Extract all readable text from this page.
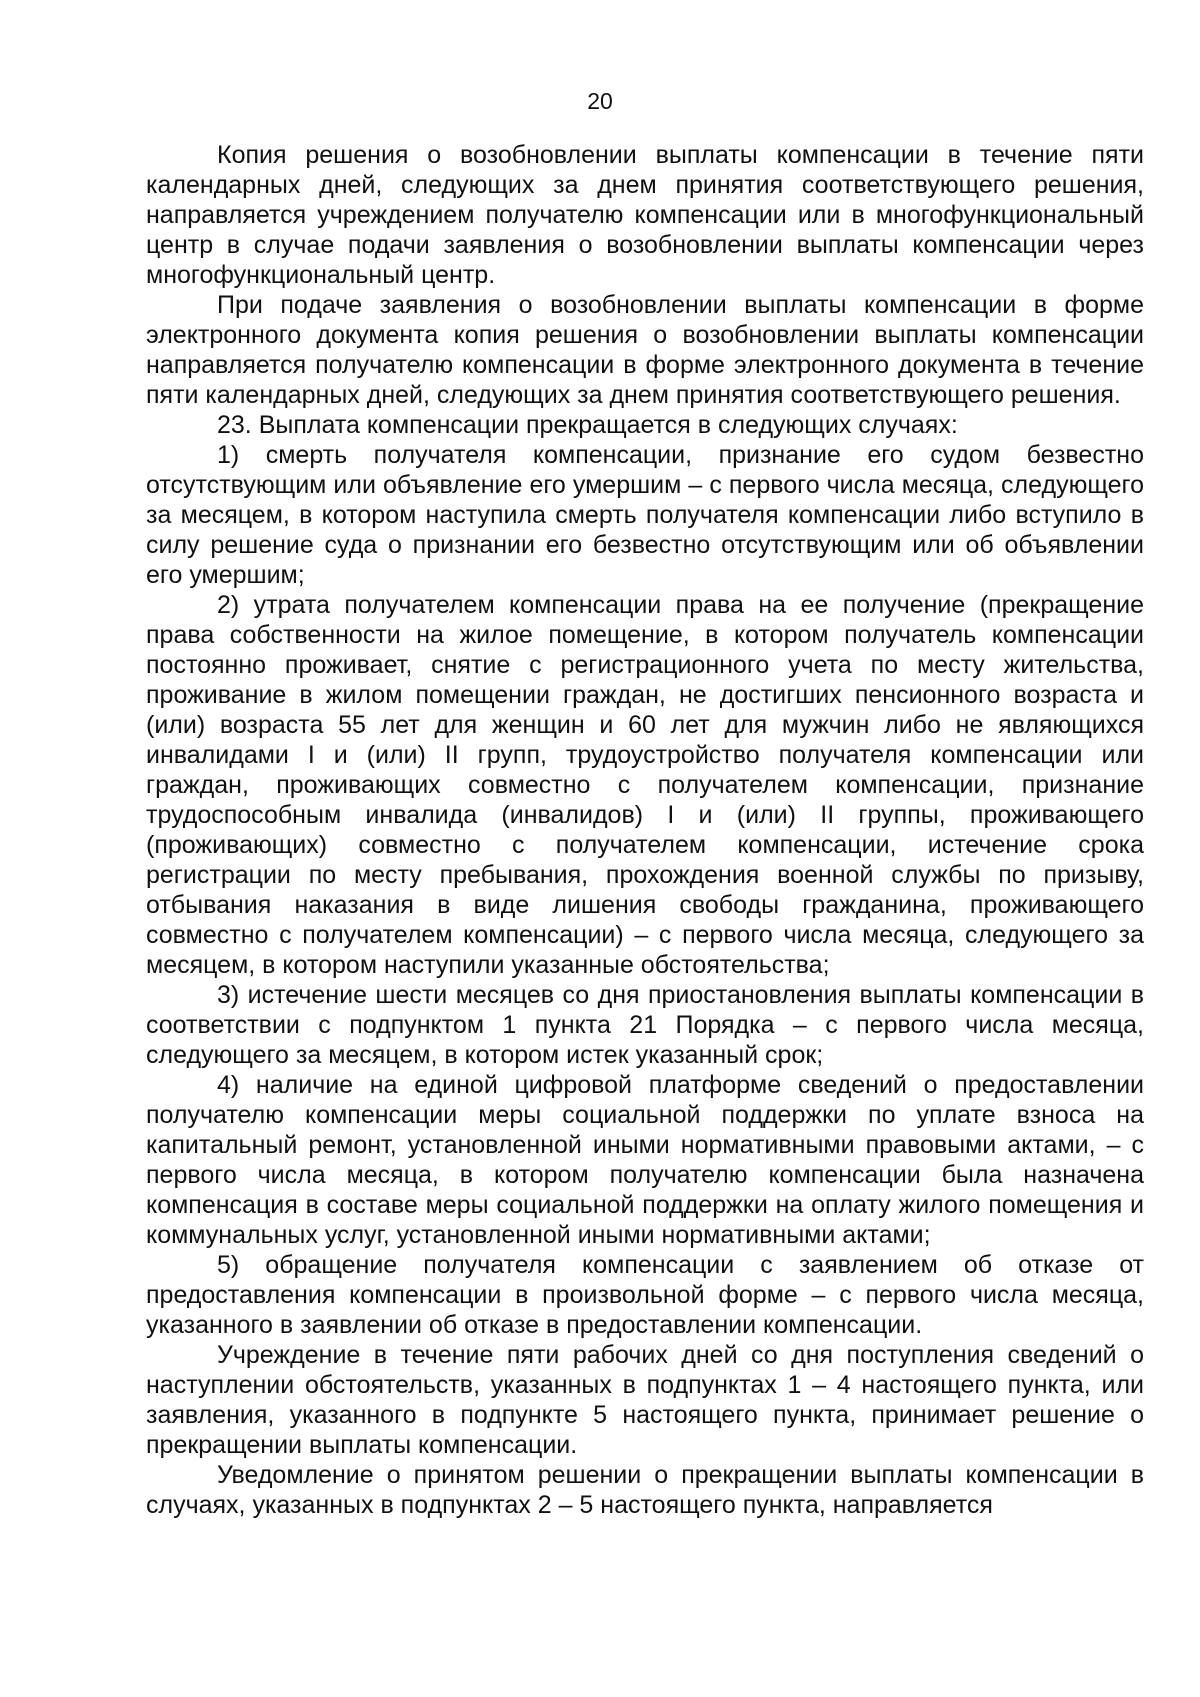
20

Копия решения о возобновлении выплаты компенсации в течение пяти календарных дней, следующих за днем принятия соответствующего решения, направляется учреждением получателю компенсации или в многофункциональный центр в случае подачи заявления о возобновлении выплаты компенсации через многофункциональный центр.

При подаче заявления о возобновлении выплаты компенсации в форме электронного документа копия решения о возобновлении выплаты компенсации направляется получателю компенсации в форме электронного документа в течение пяти календарных дней, следующих за днем принятия соответствующего решения.

23. Выплата компенсации прекращается в следующих случаях:

1) смерть получателя компенсации, признание его судом безвестно отсутствующим или объявление его умершим – с первого числа месяца, следующего за месяцем, в котором наступила смерть получателя компенсации либо вступило в силу решение суда о признании его безвестно отсутствующим или об объявлении его умершим;

2) утрата получателем компенсации права на ее получение (прекращение права собственности на жилое помещение, в котором получатель компенсации постоянно проживает, снятие с регистрационного учета по месту жительства, проживание в жилом помещении граждан, не достигших пенсионного возраста и (или) возраста 55 лет для женщин и 60 лет для мужчин либо не являющихся инвалидами I и (или) II групп, трудоустройство получателя компенсации или граждан, проживающих совместно с получателем компенсации, признание трудоспособным инвалида (инвалидов) I и (или) II группы, проживающего (проживающих) совместно с получателем компенсации, истечение срока регистрации по месту пребывания, прохождения военной службы по призыву, отбывания наказания в виде лишения свободы гражданина, проживающего совместно с получателем компенсации) – с первого числа месяца, следующего за месяцем, в котором наступили указанные обстоятельства;

3) истечение шести месяцев со дня приостановления выплаты компенсации в соответствии с подпунктом 1 пункта 21 Порядка – с первого числа месяца, следующего за месяцем, в котором истек указанный срок;

4) наличие на единой цифровой платформе сведений о предоставлении получателю компенсации меры социальной поддержки по уплате взноса на капитальный ремонт, установленной иными нормативными правовыми актами, – с первого числа месяца, в котором получателю компенсации была назначена компенсация в составе меры социальной поддержки на оплату жилого помещения и коммунальных услуг, установленной иными нормативными актами;

5) обращение получателя компенсации с заявлением об отказе от предоставления компенсации в произвольной форме – с первого числа месяца, указанного в заявлении об отказе в предоставлении компенсации.

Учреждение в течение пяти рабочих дней со дня поступления сведений о наступлении обстоятельств, указанных в подпунктах 1 – 4 настоящего пункта, или заявления, указанного в подпункте 5 настоящего пункта, принимает решение о прекращении выплаты компенсации.

Уведомление о принятом решении о прекращении выплаты компенсации в случаях, указанных в подпунктах 2 – 5 настоящего пункта, направляется
